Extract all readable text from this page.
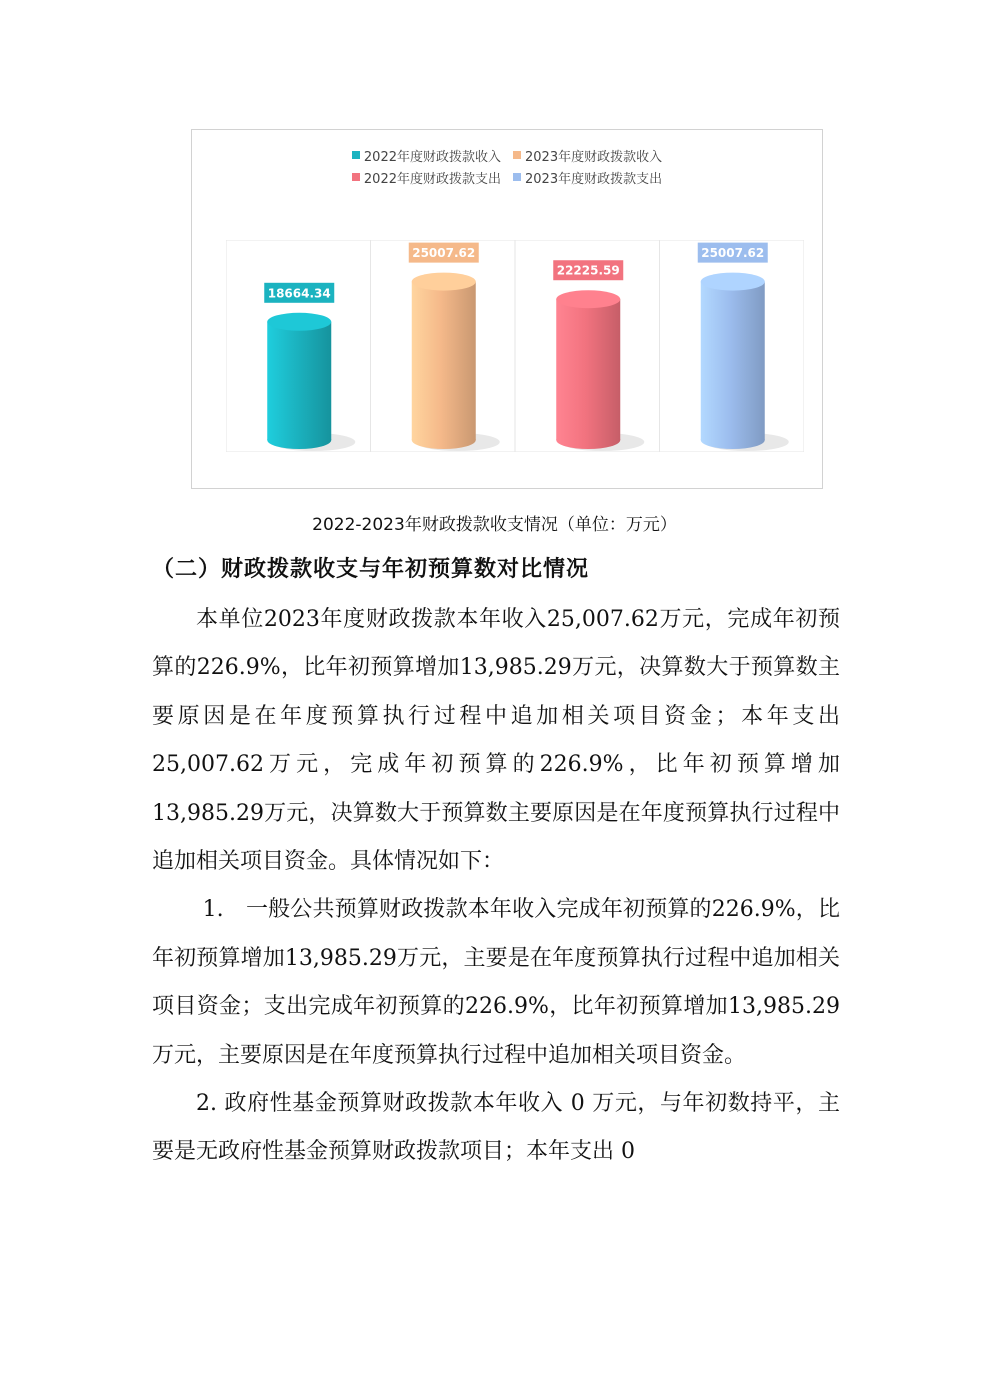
2022年度财政拨款收入 2023年度财政拨款收入
2022年度财政拨款支出 2023年度财政拨款支出
18664.34
25007.62
22225.59
25007.62
2022-2023年财政拨款收支情况（单位：万元）
（二）财政拨款收支与年初预算数对比情况

本单位2023年度财政拨款本年收入25,007.62万元，完成年初预算的226.9%，比年初预算增加13,985.29万元，决算数大于预算数主要原因是在年度预算执行过程中追加相关项目资金；本年支出25,007.62万元，完成年初预算的226.9%，比年初预算增加13,985.29万元，决算数大于预算数主要原因是在年度预算执行过程中追加相关项目资金。具体情况如下：

1.　一般公共预算财政拨款本年收入完成年初预算的226.9%，比年初预算增加13,985.29万元，主要是在年度预算执行过程中追加相关项目资金；支出完成年初预算的226.9%，比年初预算增加13,985.29万元，主要原因是在年度预算执行过程中追加相关项目资金。

2. 政府性基金预算财政拨款本年收入 0 万元，与年初数持平，主要是无政府性基金预算财政拨款项目；本年支出 0
